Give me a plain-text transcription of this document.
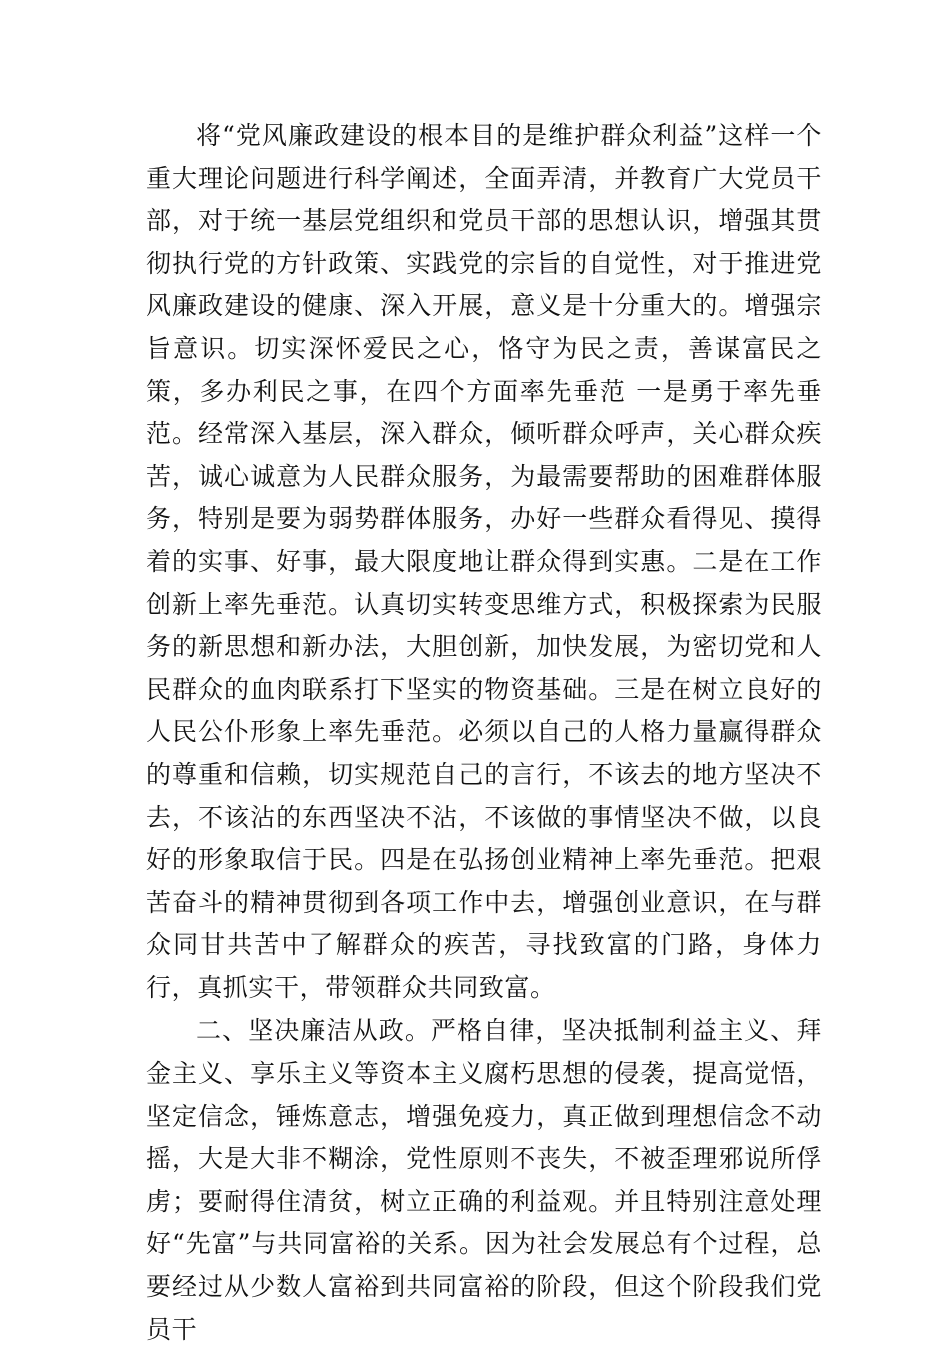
将“党风廉政建设的根本目的是维护群众利益”这样一个重大理论问题进行科学阐述，全面弄清，并教育广大党员干部，对于统一基层党组织和党员干部的思想认识，增强其贯彻执行党的方针政策、实践党的宗旨的自觉性，对于推进党风廉政建设的健康、深入开展，意义是十分重大的。增强宗旨意识。切实深怀爱民之心，恪守为民之责，善谋富民之策，多办利民之事，在四个方面率先垂范 一是勇于率先垂范。经常深入基层，深入群众，倾听群众呼声，关心群众疾苦，诚心诚意为人民群众服务，为最需要帮助的困难群体服务，特别是要为弱势群体服务，办好一些群众看得见、摸得着的实事、好事，最大限度地让群众得到实惠。二是在工作创新上率先垂范。认真切实转变思维方式，积极探索为民服务的新思想和新办法，大胆创新，加快发展，为密切党和人民群众的血肉联系打下坚实的物资基础。三是在树立良好的人民公仆形象上率先垂范。必须以自己的人格力量赢得群众的尊重和信赖，切实规范自己的言行，不该去的地方坚决不去，不该沾的东西坚决不沾，不该做的事情坚决不做，以良好的形象取信于民。四是在弘扬创业精神上率先垂范。把艰苦奋斗的精神贯彻到各项工作中去，增强创业意识，在与群众同甘共苦中了解群众的疾苦，寻找致富的门路，身体力行，真抓实干，带领群众共同致富。

二、坚决廉洁从政。严格自律，坚决抵制利益主义、拜金主义、享乐主义等资本主义腐朽思想的侵袭，提高觉悟，坚定信念，锤炼意志，增强免疫力，真正做到理想信念不动摇，大是大非不糊涂，党性原则不丧失，不被歪理邪说所俘虏；要耐得住清贫，树立正确的利益观。并且特别注意处理好“先富”与共同富裕的关系。因为社会发展总有个过程，总要经过从少数人富裕到共同富裕的阶段，但这个阶段我们党员干
